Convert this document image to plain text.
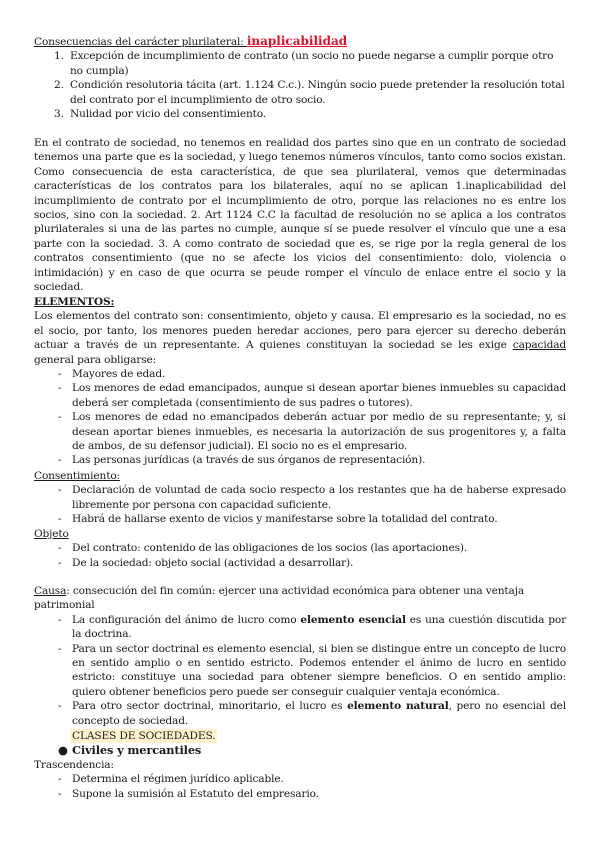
Consecuencias del carácter plurilateral: inaplicabilidad

1. Excepción de incumplimiento de contrato (un socio no puede negarse a cumplir porque otro no cumpla)
2. Condición resolutoria tácita (art. 1.124 C.c.). Ningún socio puede pretender la resolución total del contrato por el incumplimiento de otro socio.
3. Nulidad por vicio del consentimiento.

En el contrato de sociedad, no tenemos en realidad dos partes sino que en un contrato de sociedad tenemos una parte que es la sociedad, y luego tenemos números vínculos, tanto como socios existan. Como consecuencia de esta característica, de que sea plurilateral, vemos que determinadas características de los contratos para los bilaterales, aquí no se aplican 1.inaplicabilidad del incumplimiento de contrato por el incumplimiento de otro, porque las relaciones no es entre los socios, sino con la sociedad. 2. Art 1124 C.C la facultad de resolución no se aplica a los contratos plurilaterales si una de las partes no cumple, aunque sí se puede resolver el vínculo que une a esa parte con la sociedad. 3. A como contrato de sociedad que es, se rige por la regla general de los contratos consentimiento (que no se afecte los vicios del consentimiento: dolo, violencia o intimidación) y en caso de que ocurra se peude romper el vínculo de enlace entre el socio y la sociedad.

ELEMENTOS:

Los elementos del contrato son: consentimiento, objeto y causa. El empresario es la sociedad, no es el socio, por tanto, los menores pueden heredar acciones, pero para ejercer su derecho deberán actuar a través de un representante. A quienes constituyan la sociedad se les exige capacidad general para obligarse:

- Mayores de edad.
- Los menores de edad emancipados, aunque si desean aportar bienes inmuebles su capacidad deberá ser completada (consentimiento de sus padres o tutores).
- Los menores de edad no emancipados deberán actuar por medio de su representante; y, si desean aportar bienes inmuebles, es necesaria la autorización de sus progenitores y, a falta de ambos, de su defensor judicial). El socio no es el empresario.
- Las personas jurídicas (a través de sus órganos de representación).

Consentimiento:

- Declaración de voluntad de cada socio respecto a los restantes que ha de haberse expresado libremente por persona con capacidad suficiente.
- Habrá de hallarse exento de vicios y manifestarse sobre la totalidad del contrato.

Objeto

- Del contrato: contenido de las obligaciones de los socios (las aportaciones).
- De la sociedad: objeto social (actividad a desarrollar).

Causa: consecución del fin común: ejercer una actividad económica para obtener una ventaja patrimonial

- La configuración del ánimo de lucro como elemento esencial es una cuestión discutida por la doctrina.
- Para un sector doctrinal es elemento esencial, si bien se distingue entre un concepto de lucro en sentido amplio o en sentido estricto. Podemos entender el ánimo de lucro en sentido estricto: constituye una sociedad para obtener siempre beneficios. O en sentido amplio: quiero obtener beneficios pero puede ser conseguir cualquier ventaja económica.
- Para otro sector doctrinal, minoritario, el lucro es elemento natural, pero no esencial del concepto de sociedad.

CLASES DE SOCIEDADES.

● Civiles y mercantiles

Trascendencia:

- Determina el régimen jurídico aplicable.
- Supone la sumisión al Estatuto del empresario.
